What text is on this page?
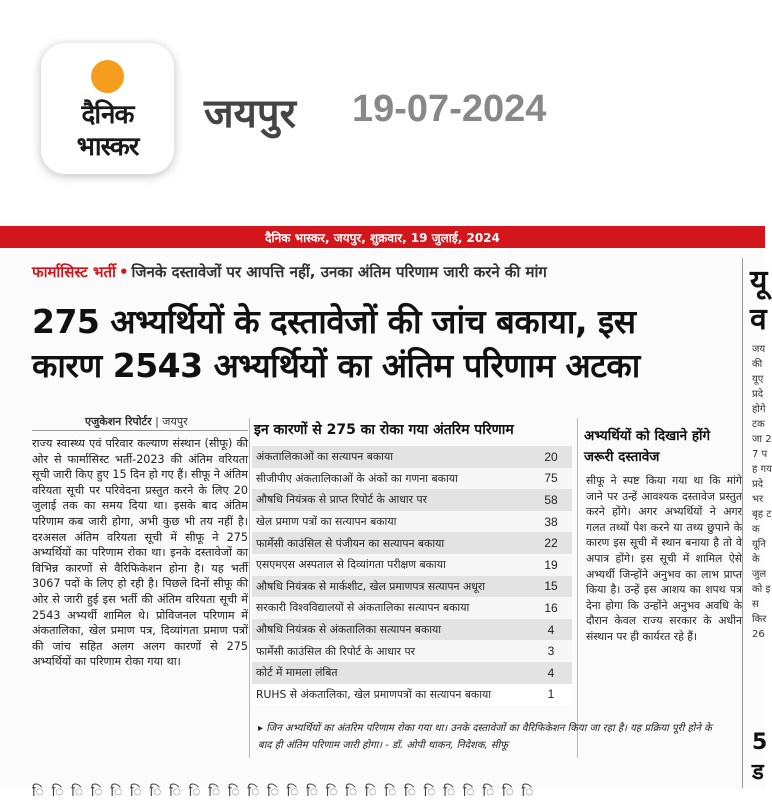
दैनिक
भास्कर
जयपुर 19-07-2024
दैनिक भास्कर, जयपुर, शुक्रवार, 19 जुलाई, 2024
फार्मासिस्ट भर्ती • जिनके दस्तावेजों पर आपत्ति नहीं, उनका अंतिम परिणाम जारी करने की मांग
275 अभ्यर्थियों के दस्तावेजों की जांच बकाया, इस
कारण 2543 अभ्यर्थियों का अंतिम परिणाम अटका
एजुकेशन रिपोर्टर | जयपुर
राज्य स्वास्थ्य एवं परिवार कल्याण संस्थान (सीफू) की ओर से फार्मासिस्ट भर्ती-2023 की अंतिम वरियता सूची जारी किए हुए 15 दिन हो गए हैं। सीफू ने अंतिम वरियता सूची पर परिवेदना प्रस्तुत करने के लिए 20 जुलाई तक का समय दिया था। इसके बाद अंतिम परिणाम कब जारी होगा, अभी कुछ भी तय नहीं है। दरअसल अंतिम वरियता सूची में सीफू ने 275 अभ्यर्थियों का परिणाम रोका था। इनके दस्तावेजों का विभिन्न कारणों से वैरिफिकेशन होना है। यह भर्ती 3067 पदों के लिए हो रही है। पिछले दिनों सीफू की ओर से जारी हुई इस भर्ती की अंतिम वरियता सूची में 2543 अभ्यर्थी शामिल थे। प्रोविजनल परिणाम में अंकतालिका, खेल प्रमाण पत्र, दिव्यांगता प्रमाण पत्रों की जांच सहित अलग अलग कारणों से 275 अभ्यर्थियों का परिणाम रोका गया था।
इन कारणों से 275 का रोका गया अंतरिम परिणाम
अंकतालिकाओं का सत्यापन बकाया	20
सीजीपीए अंकतालिकाओं के अंकों का गणना बकाया	75
औषधि नियंत्रक से प्राप्त रिपोर्ट के आधार पर	58
खेल प्रमाण पत्रों का सत्यापन बकाया	38
फार्मेसी काउंसिल से पंजीयन का सत्यापन बकाया	22
एसएमएस अस्पताल से दिव्यांगता परीक्षण बकाया	19
औषधि नियंत्रक से मार्कशीट, खेल प्रमाणपत्र सत्यापन अधूरा	15
सरकारी विश्वविद्यालयों से अंकतालिका सत्यापन बकाया	16
औषधि नियंत्रक से अंकतालिका सत्यापन बकाया	4
फार्मेसी काउंसिल की रिपोर्ट के आधार पर	3
कोर्ट में मामला लंबित	4
RUHS से अंकतालिका, खेल प्रमाणपत्रों का सत्यापन बकाया	1
अभ्यर्थियों को दिखाने होंगे जरूरी दस्तावेज
सीफू ने स्पष्ट किया गया था कि मांगे जाने पर उन्हें आवश्यक दस्तावेज प्रस्तुत करने होंगे। अगर अभ्यर्थियों ने अगर गलत तथ्यों पेश करने या तथ्य छुपाने के कारण इस सूची में स्थान बनाया है तो वे अपात्र होंगे। इस सूची में शामिल ऐसे अभ्यर्थी जिन्होंने अनुभव का लाभ प्राप्त किया है। उन्हें इस आशय का शपथ पत्र देना होगा कि उन्होंने अनुभव अवधि के दौरान केवल राज्य सरकार के अधीन संस्थान पर ही कार्यरत रहे हैं।
▸ जिन अभ्यर्थियों का अंतरिम परिणाम रोका गया था। उनके दस्तावेजों का वैरिफिकेशन किया जा रहा है। यह प्रक्रिया पूरी होने के बाद ही अंतिम परिणाम जारी होगा। - डॉ. ओपी थाकन, निदेशक, सीफू
यू
व
जय की यूए प्रदे होगे टक जा 27 पह गय प्रदे भर बृह टक यूनि के जुल को इस किर 26
5
ड
ि ि ि ि ि ि ि ि ि ि ि ि ि ि ि ि ि ि ि ि ि ि ि ि ि ि
